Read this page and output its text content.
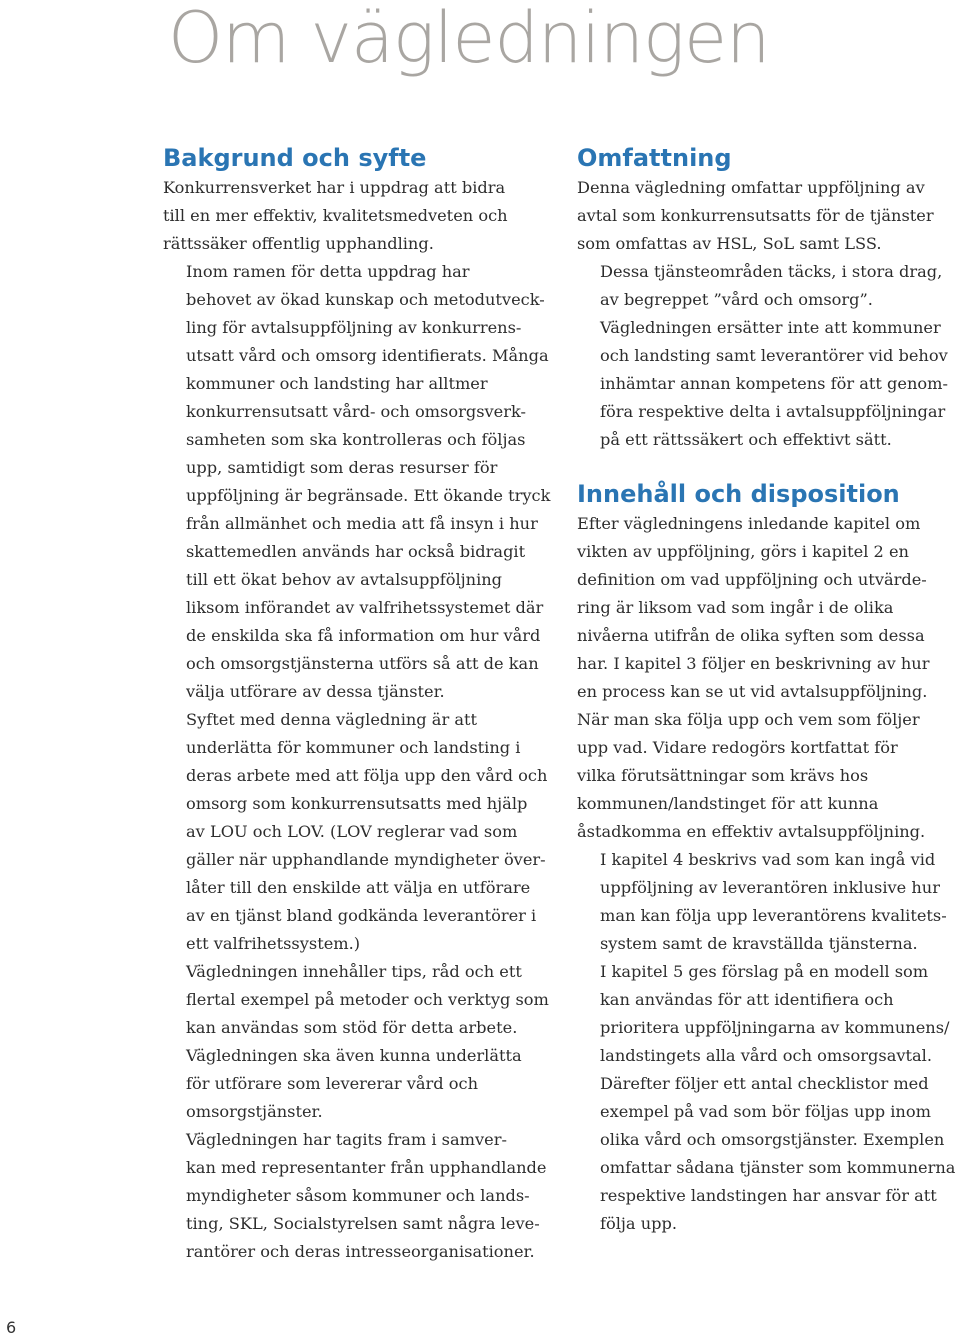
Om vägledningen
Bakgrund och syfte

Konkurrensverket har i uppdrag att bidra
till en mer effektiv, kvalitetsmedveten och
rättssäker offentlig upphandling.

Inom ramen för detta uppdrag har
behovet av ökad kunskap och metodutveck-
ling för avtalsuppföljning av konkurrens-
utsatt vård och omsorg identifierats. Många
kommuner och landsting har alltmer
konkurrensutsatt vård- och omsorgsverk-
samheten som ska kontrolleras och följas
upp, samtidigt som deras resurser för
uppföljning är begränsade. Ett ökande tryck
från allmänhet och media att få insyn i hur
skattemedlen används har också bidragit
till ett ökat behov av avtalsuppföljning
liksom införandet av valfrihetssystemet där
de enskilda ska få information om hur vård
och omsorgstjänsterna utförs så att de kan
välja utförare av dessa tjänster.

Syftet med denna vägledning är att
underlätta för kommuner och landsting i
deras arbete med att följa upp den vård och
omsorg som konkurrensutsatts med hjälp
av LOU och LOV. (LOV reglerar vad som
gäller när upphandlande myndigheter över-
låter till den enskilde att välja en utförare
av en tjänst bland godkända leverantörer i
ett valfrihetssystem.)

Vägledningen innehåller tips, råd och ett
flertal exempel på metoder och verktyg som
kan användas som stöd för detta arbete.
Vägledningen ska även kunna underlätta
för utförare som levererar vård och
omsorgstjänster.

Vägledningen har tagits fram i samver-
kan med representanter från upphandlande
myndigheter såsom kommuner och lands-
ting, SKL, Socialstyrelsen samt några leve-
rantörer och deras intresseorganisationer.

Omfattning

Denna vägledning omfattar uppföljning av
avtal som konkurrensutsatts för de tjänster
som omfattas av HSL, SoL samt LSS.

Dessa tjänsteområden täcks, i stora drag,
av begreppet ”vård och omsorg”.

Vägledningen ersätter inte att kommuner
och landsting samt leverantörer vid behov
inhämtar annan kompetens för att genom-
föra respektive delta i avtalsuppföljningar
på ett rättssäkert och effektivt sätt.

Innehåll och disposition

Efter vägledningens inledande kapitel om
vikten av uppföljning, görs i kapitel 2 en
definition om vad uppföljning och utvärde-
ring är liksom vad som ingår i de olika
nivåerna utifrån de olika syften som dessa
har. I kapitel 3 följer en beskrivning av hur
en process kan se ut vid avtalsuppföljning.
När man ska följa upp och vem som följer
upp vad. Vidare redogörs kortfattat för
vilka förutsättningar som krävs hos
kommunen/landstinget för att kunna
åstadkomma en effektiv avtalsuppföljning.

I kapitel 4 beskrivs vad som kan ingå vid
uppföljning av leverantören inklusive hur
man kan följa upp leverantörens kvalitets-
system samt de kravställda tjänsterna.

I kapitel 5 ges förslag på en modell som
kan användas för att identifiera och
prioritera uppföljningarna av kommunens/
landstingets alla vård och omsorgsavtal.
Därefter följer ett antal checklistor med
exempel på vad som bör följas upp inom
olika vård och omsorgstjänster. Exemplen
omfattar sådana tjänster som kommunerna
respektive landstingen har ansvar för att
följa upp.

6
